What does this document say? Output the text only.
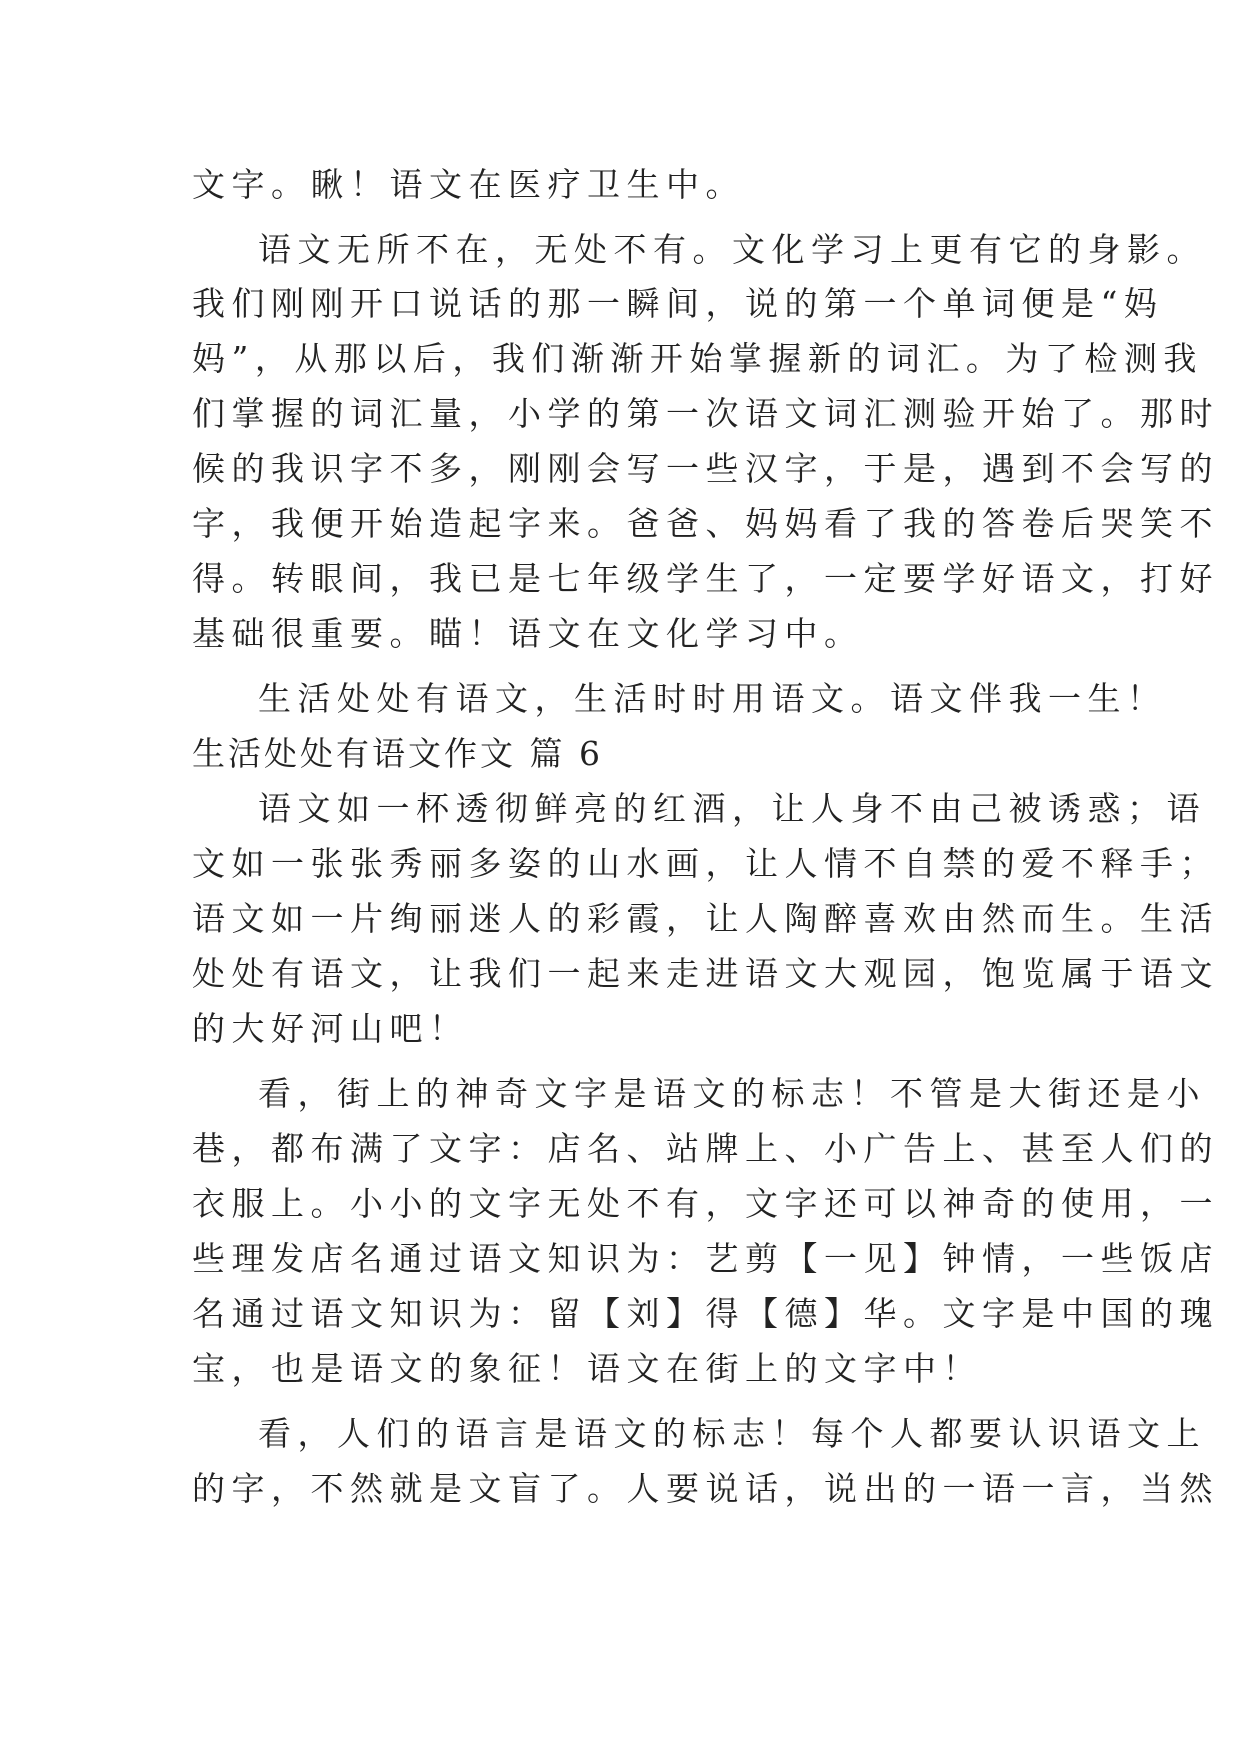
文字。瞅！语文在医疗卫生中。
语文无所不在，无处不有。文化学习上更有它的身影。
我们刚刚开口说话的那一瞬间，说的第一个单词便是“妈
妈”，从那以后，我们渐渐开始掌握新的词汇。为了检测我
们掌握的词汇量，小学的第一次语文词汇测验开始了。那时
候的我识字不多，刚刚会写一些汉字，于是，遇到不会写的
字，我便开始造起字来。爸爸、妈妈看了我的答卷后哭笑不
得。转眼间，我已是七年级学生了，一定要学好语文，打好
基础很重要。瞄！语文在文化学习中。
生活处处有语文，生活时时用语文。语文伴我一生！
生活处处有语文作文 篇 6
语文如一杯透彻鲜亮的红酒，让人身不由己被诱惑；语
文如一张张秀丽多姿的山水画，让人情不自禁的爱不释手；
语文如一片绚丽迷人的彩霞，让人陶醉喜欢由然而生。生活
处处有语文，让我们一起来走进语文大观园，饱览属于语文
的大好河山吧！
看，街上的神奇文字是语文的标志！不管是大街还是小
巷，都布满了文字：店名、站牌上、小广告上、甚至人们的
衣服上。小小的文字无处不有，文字还可以神奇的使用，一
些理发店名通过语文知识为：艺剪【一见】钟情，一些饭店
名通过语文知识为：留【刘】得【德】华。文字是中国的瑰
宝，也是语文的象征！语文在街上的文字中！
看，人们的语言是语文的标志！每个人都要认识语文上
的字，不然就是文盲了。人要说话，说出的一语一言，当然
